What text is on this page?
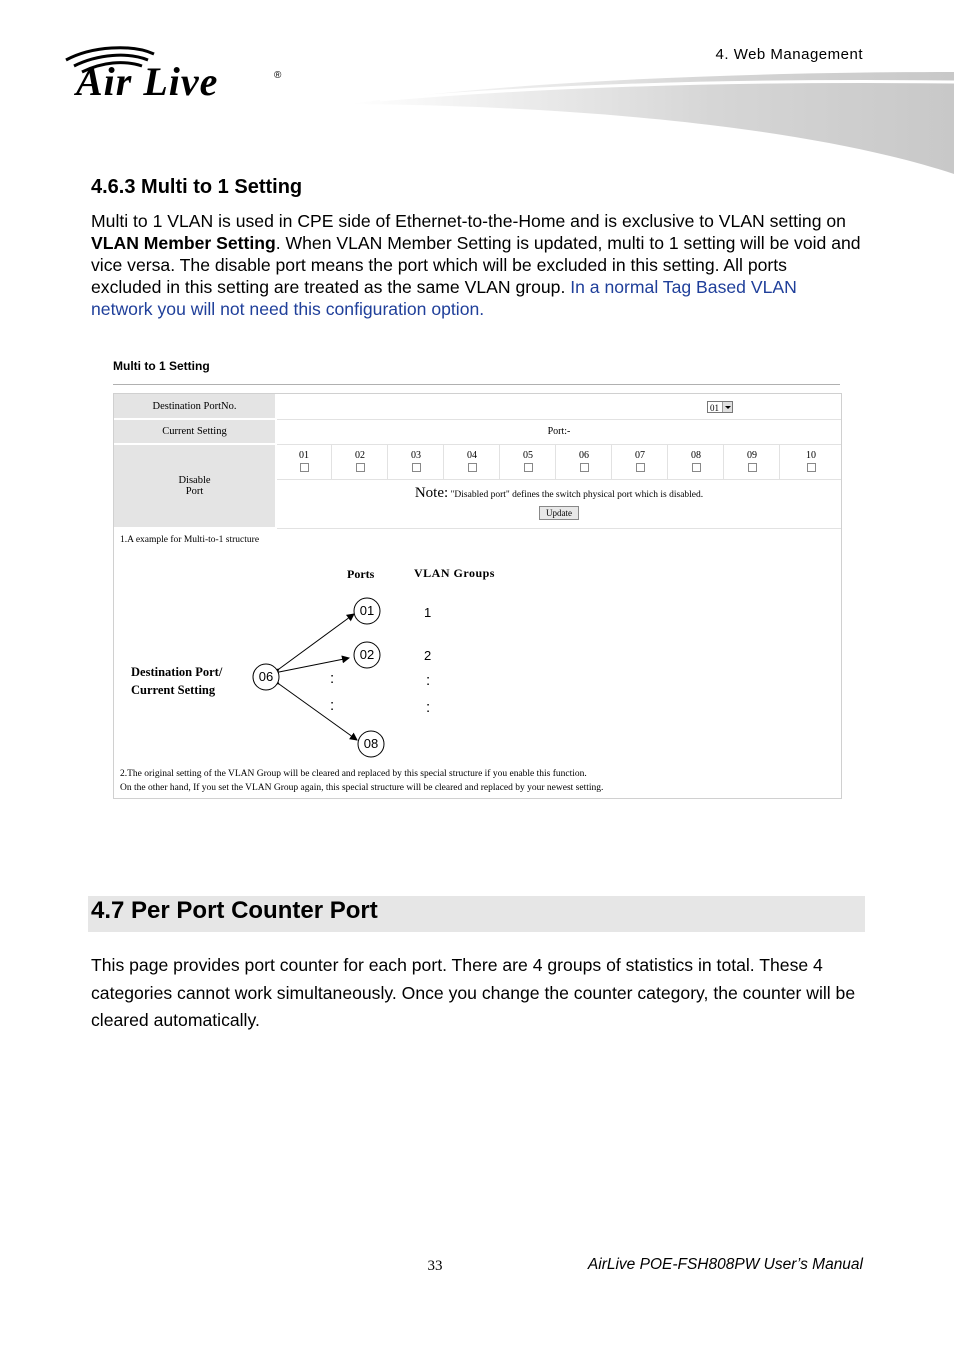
4. Web Management
Air Live	®
4.6.3 Multi to 1 Setting
Multi to 1 VLAN is used in CPE side of Ethernet-to-the-Home and is exclusive to VLAN setting on VLAN Member Setting. When VLAN Member Setting is updated, multi to 1 setting will be void and vice versa. The disable port means the port which will be excluded in this setting. All ports excluded in this setting are treated as the same VLAN group. In a normal Tag Based VLAN network you will not need this configuration option.
Multi to 1 Setting
Destination PortNo.	01
Current Setting	Port:-
Disable
Port
01	02	03	04	05	06	07	08	09	10
Note: "Disabled port" defines the switch physical port which is disabled.
Update
1.A example for Multi-to-1 structure
Ports	VLAN Groups
Destination Port/
Current Setting
06
01
02
08
1
2
:
:
:
:
2.The original setting of the VLAN Group will be cleared and replaced by this special structure if you enable this function.
On the other hand, If you set the VLAN Group again, this special structure will be cleared and replaced by your newest setting.
4.7 Per Port Counter Port
This page provides port counter for each port. There are 4 groups of statistics in total. These 4 categories cannot work simultaneously. Once you change the counter category, the counter will be cleared automatically.
33	AirLive POE-FSH808PW User’s Manual
